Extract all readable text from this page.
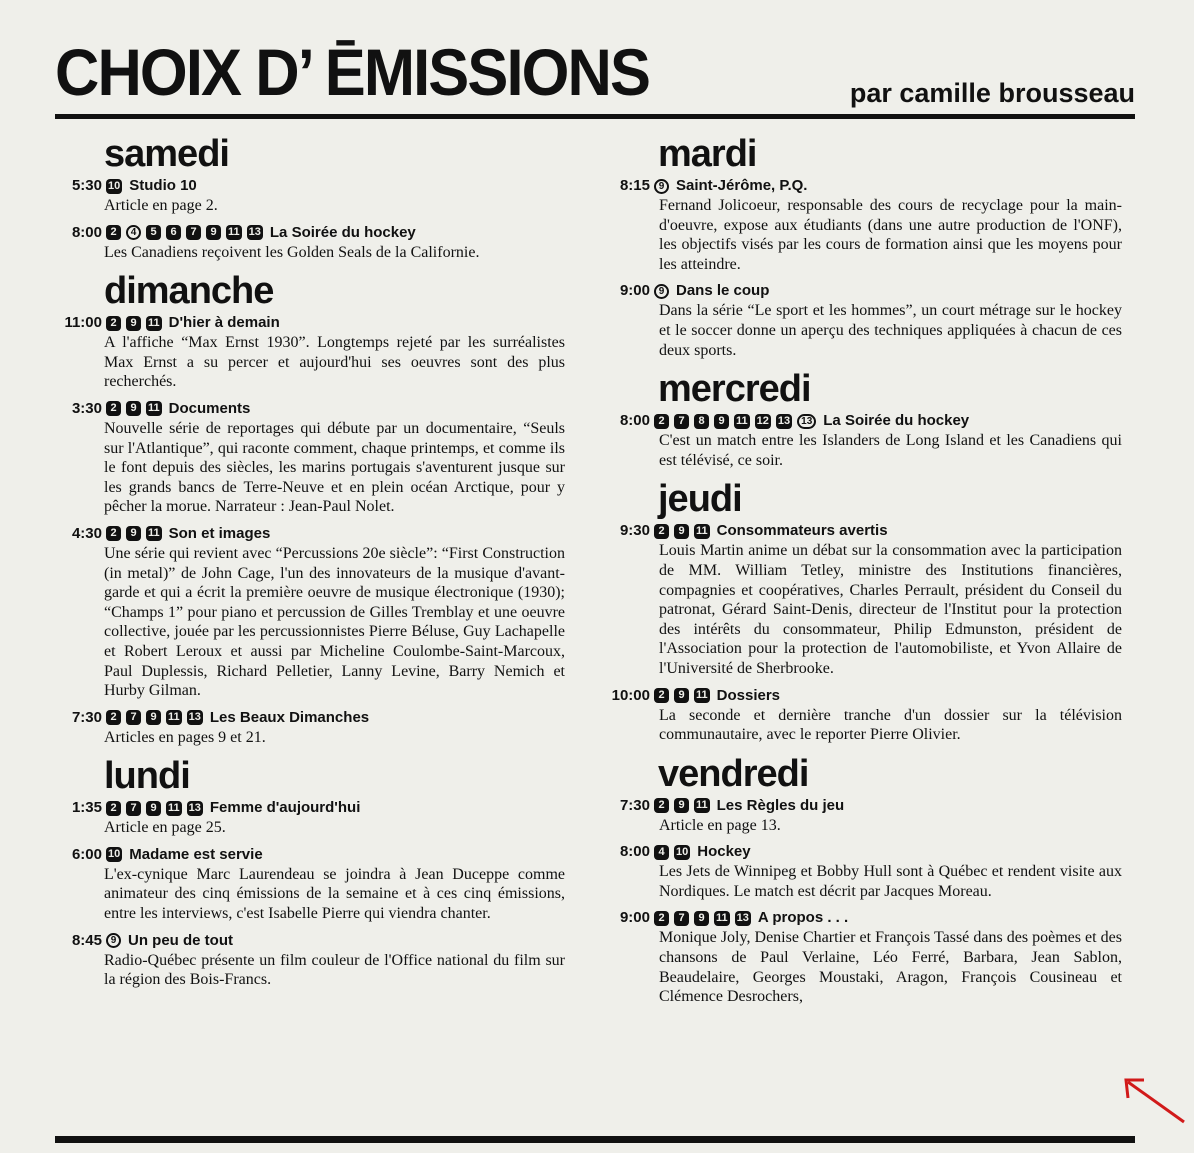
CHOIX D’ ĒMISSIONS	par camille brousseau
samedi
5:30 10 Studio 10

Article en page 2.

8:00 2	4	5	6	7	9	11 13 La Soirée du hockey

Les Canadiens reçoivent les Golden Seals de la Californie.

dimanche
11:00 2	9	11 D'hier à demain

A l'affiche “Max Ernst 1930”. Longtemps rejeté par les surréalistes Max Ernst a su percer et aujourd'hui ses oeuvres sont des plus recherchés.

3:30 2	9	11 Documents

Nouvelle série de reportages qui débute par un documentaire, “Seuls sur l'Atlantique”, qui raconte comment, chaque printemps, et comme ils le font depuis des siècles, les marins portugais s'aventurent jusque sur les grands bancs de Terre-Neuve et en plein océan Arctique, pour y pêcher la morue. Narrateur : Jean-Paul Nolet.

4:30 2	9	11 Son et images

Une série qui revient avec “Percussions 20e siècle”: “First Construction (in metal)” de John Cage, l'un des innovateurs de la musique d'avant-garde et qui a écrit la première oeuvre de musique électronique (1930); “Champs 1” pour piano et percussion de Gilles Tremblay et une oeuvre collective, jouée par les percussionnistes Pierre Béluse, Guy Lachapelle et Robert Leroux et aussi par Micheline Coulombe-Saint-Marcoux, Paul Duplessis, Richard Pelletier, Lanny Levine, Barry Nemich et Hurby Gilman.

7:30 2	7	9	11 13 Les Beaux Dimanches

Articles en pages 9 et 21.

lundi
1:35 2	7	9	11 13 Femme d'aujourd'hui

Article en page 25.

6:00 10 Madame est servie

L'ex-cynique Marc Laurendeau se joindra à Jean Duceppe comme animateur des cinq émissions de la semaine et à ces cinq émissions, entre les interviews, c'est Isabelle Pierre qui viendra chanter.

8:45 9 Un peu de tout

Radio-Québec présente un film couleur de l'Office national du film sur la région des Bois-Francs.

mardi
8:15 9 Saint-Jérôme, P.Q.

Fernand Jolicoeur, responsable des cours de recyclage pour la main-d'oeuvre, expose aux étudiants (dans une autre production de l'ONF), les objectifs visés par les cours de formation ainsi que les moyens pour les atteindre.

9:00 9 Dans le coup

Dans la série “Le sport et les hommes”, un court métrage sur le hockey et le soccer donne un aperçu des techniques appliquées à chacun de ces deux sports.

mercredi
8:00 2	7	8	9	11 12 13	13 La Soirée du hockey

C'est un match entre les Islanders de Long Island et les Canadiens qui est télévisé, ce soir.

jeudi
9:30 2	9	11 Consommateurs avertis

Louis Martin anime un débat sur la consommation avec la participation de MM. William Tetley, ministre des Institutions financières, compagnies et coopératives, Charles Perrault, président du Conseil du patronat, Gérard Saint-Denis, directeur de l'Institut pour la protection des intérêts du consommateur, Philip Edmunston, président de l'Association pour la protection de l'automobiliste, et Yvon Allaire de l'Université de Sherbrooke.

10:00 2	9	11 Dossiers

La seconde et dernière tranche d'un dossier sur la télévision communautaire, avec le reporter Pierre Olivier.

vendredi
7:30 2	9	11 Les Règles du jeu

Article en page 13.

8:00 4	10 Hockey

Les Jets de Winnipeg et Bobby Hull sont à Québec et rendent visite aux Nordiques. Le match est décrit par Jacques Moreau.

9:00 2	7	9	11 13 A propos . . .

Monique Joly, Denise Chartier et François Tassé dans des poèmes et des chansons de Paul Verlaine, Léo Ferré, Barbara, Jean Sablon, Beaudelaire, Georges Moustaki, Aragon, François Cousineau et Clémence Desrochers,
